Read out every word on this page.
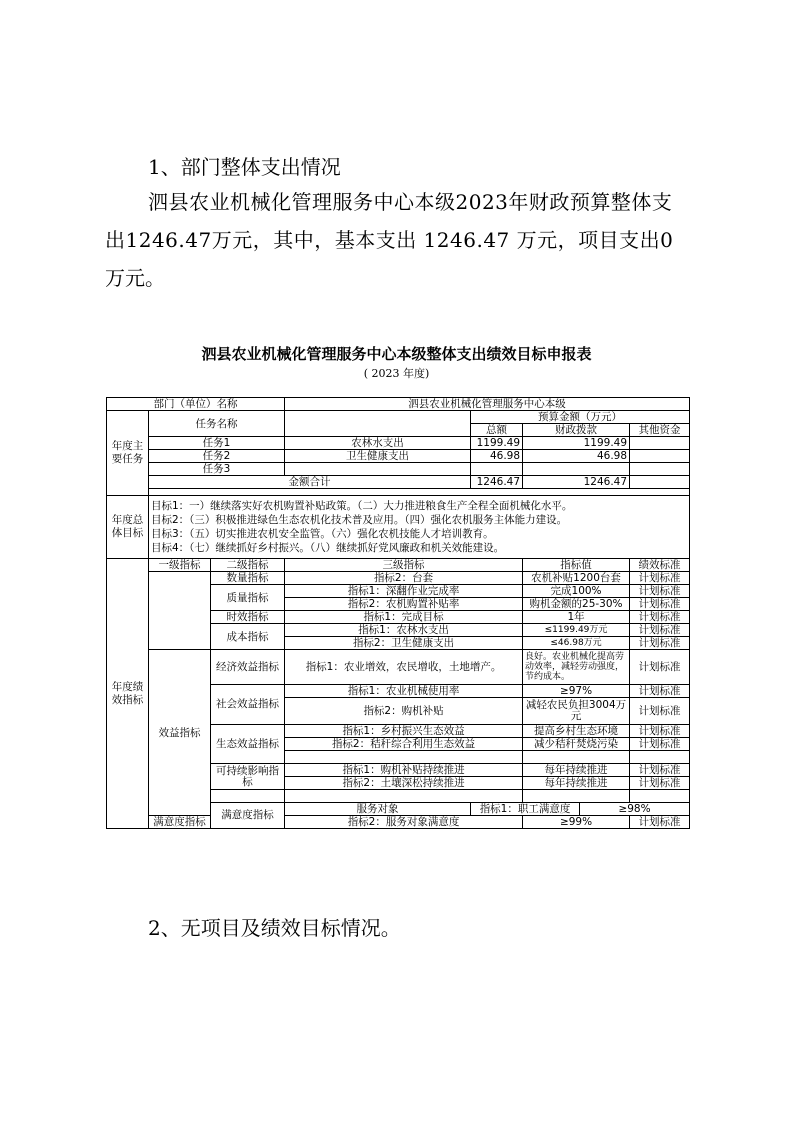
1、部门整体支出情况
泗县农业机械化管理服务中心本级2023年财政预算整体支
出1246.47万元，其中，基本支出 1246.47 万元，项目支出0
万元。
泗县农业机械化管理服务中心本级整体支出绩效目标申报表
( 2023 年度)
部门（单位）名称			泗县农业机械化管理服务中心本级					
年度主要任务	任务名称			预算金额（万元）				
				总额	财政拨款		其他资金	
	任务1		农林水支出	1199.49	1199.49			
	任务2		卫生健康支出	46.98	46.98			
	任务3							
	金额合计			1246.47	1246.47			

年度总体目标	目标1：一）继续落实好农机购置补贴政策。（二）大力推进粮食生产全程全面机械化水平。
目标2：（三）积极推进绿色生态农机化技术普及应用。（四）强化农机服务主体能力建设。
目标3：（五）切实推进农机安全监管。（六）强化农机技能人才培训教育。
目标4：（七）继续抓好乡村振兴。（八）继续抓好党风廉政和机关效能建设。							

年度绩效指标	一级指标	二级指标	三级指标		指标值		绩效标准	
		数量指标	指标2：台套		农机补贴1200台套		计划标准	
		质量指标	指标1：深翻作业完成率		完成100%		计划标准	
			指标2：农机购置补贴率		购机金额的25-30%		计划标准	
		时效指标	指标1：完成目标		1年		计划标准	
		成本指标	指标1：农林水支出		≤1199.49万元		计划标准	
			指标2：卫生健康支出		≤46.98万元		计划标准	
	效益指标	经济效益指标	指标1：农业增效，农民增收，土地增产。		良好。农业机械化提高劳动效率，减轻劳动强度，节约成本。		计划标准	
		社会效益指标	指标1：农业机械使用率		≥97%		计划标准	
			指标2：购机补贴		减轻农民负担3004万元		计划标准	
		生态效益指标	指标1：乡村振兴生态效益		提高乡村生态环境		计划标准	
			指标2：秸秆综合利用生态效益		减少秸秆焚烧污染		计划标准	

		可持续影响指标	指标1：购机补贴持续推进		每年持续推进		计划标准	
			指标2：土壤深松持续推进		每年持续推进		计划标准	

		满意度指标	服务对象	指标1：职工满意度		≥98%	
	满意度指标		指标2：服务对象满意度		≥99%		计划标准	
2、无项目及绩效目标情况。
